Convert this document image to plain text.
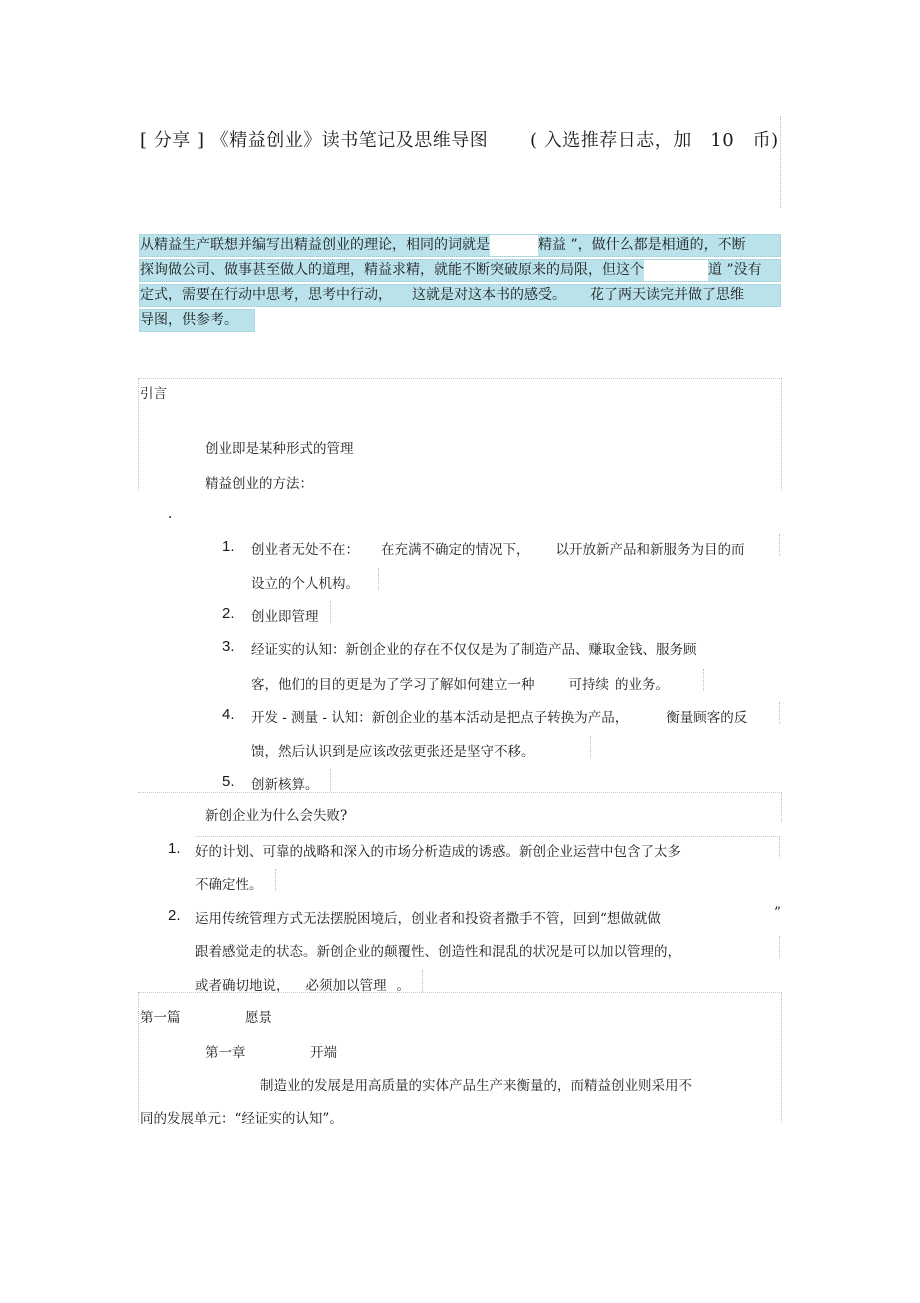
[ 分享 ] 《精益创业》读书笔记及思维导图 ( 入选推荐日志，加　10　币)
从精益生产联想并编写出精益创业的理论，相同的词就是	精益 ”，做什么都是相通的，不断
探询做公司、做事甚至做人的道理，精益求精，就能不断突破原来的局限，但这个	道 ”没有
定式，需要在行动中思考，思考中行动， 这就是对这本书的感受。 花了两天读完并做了思维
导图，供参考。
引言
创业即是某种形式的管理
精益创业的方法：
.
1. 创业者无处不在： 在充满不确定的情况下， 以开放新产品和新服务为目的而
设立的个人机构。
2. 创业即管理
3. 经证实的认知：新创企业的存在不仅仅是为了制造产品、赚取金钱、服务顾
客，他们的目的更是为了学习了解如何建立一种	可持续 的业务。
4. 开发 - 测量 - 认知：新创企业的基本活动是把点子转换为产品，	衡量顾客的反
馈，然后认识到是应该改弦更张还是坚守不移。
5. 创新核算。
新创企业为什么会失败?
1. 好的计划、可靠的战略和深入的市场分析造成的诱惑。新创企业运营中包含了太多
不确定性。
2. 运用传统管理方式无法摆脱困境后，创业者和投资者撒手不管，回到“想做就做	”
跟着感觉走的状态。新创企业的颠覆性、创造性和混乱的状况是可以加以管理的，
或者确切地说， 必须加以管理 。
第一篇	愿景
第一章	开端
制造业的发展是用高质量的实体产品生产来衡量的，而精益创业则采用不
同的发展单元：“经证实的认知”。
